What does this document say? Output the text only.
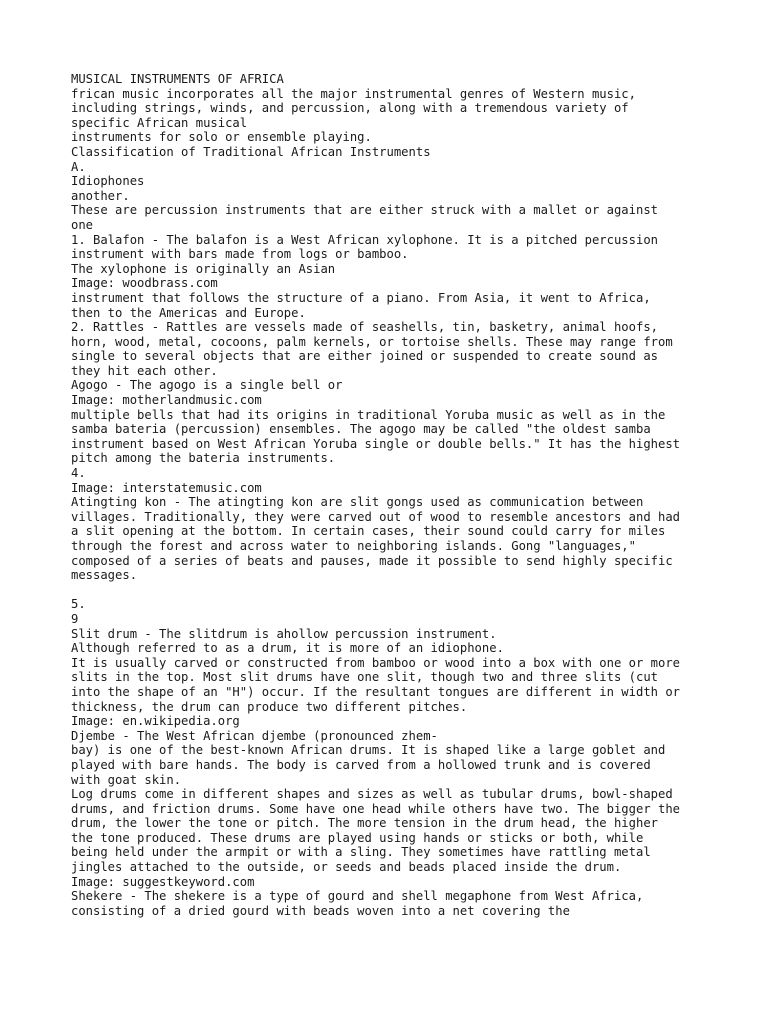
MUSICAL INSTRUMENTS OF AFRICA
frican music incorporates all the major instrumental genres of Western music,
including strings, winds, and percussion, along with a tremendous variety of
specific African musical
instruments for solo or ensemble playing.
Classification of Traditional African Instruments
A.
Idiophones
another.
These are percussion instruments that are either struck with a mallet or against
one
1. Balafon - The balafon is a West African xylophone. It is a pitched percussion
instrument with bars made from logs or bamboo.
The xylophone is originally an Asian
Image: woodbrass.com
instrument that follows the structure of a piano. From Asia, it went to Africa,
then to the Americas and Europe.
2. Rattles - Rattles are vessels made of seashells, tin, basketry, animal hoofs,
horn, wood, metal, cocoons, palm kernels, or tortoise shells. These may range from
single to several objects that are either joined or suspended to create sound as
they hit each other.
Agogo - The agogo is a single bell or
Image: motherlandmusic.com
multiple bells that had its origins in traditional Yoruba music as well as in the
samba bateria (percussion) ensembles. The agogo may be called "the oldest samba
instrument based on West African Yoruba single or double bells." It has the highest
pitch among the bateria instruments.
4.
Image: interstatemusic.com
Atingting kon - The atingting kon are slit gongs used as communication between
villages. Traditionally, they were carved out of wood to resemble ancestors and had
a slit opening at the bottom. In certain cases, their sound could carry for miles
through the forest and across water to neighboring islands. Gong "languages,"
composed of a series of beats and pauses, made it possible to send highly specific
messages.
5.
9
Slit drum - The slitdrum is ahollow percussion instrument.
Although referred to as a drum, it is more of an idiophone.
It is usually carved or constructed from bamboo or wood into a box with one or more
slits in the top. Most slit drums have one slit, though two and three slits (cut
into the shape of an "H") occur. If the resultant tongues are different in width or
thickness, the drum can produce two different pitches.
Image: en.wikipedia.org
Djembe - The West African djembe (pronounced zhem-
bay) is one of the best-known African drums. It is shaped like a large goblet and
played with bare hands. The body is carved from a hollowed trunk and is covered
with goat skin.
Log drums come in different shapes and sizes as well as tubular drums, bowl-shaped
drums, and friction drums. Some have one head while others have two. The bigger the
drum, the lower the tone or pitch. The more tension in the drum head, the higher
the tone produced. These drums are played using hands or sticks or both, while
being held under the armpit or with a sling. They sometimes have rattling metal
jingles attached to the outside, or seeds and beads placed inside the drum.
Image: suggestkeyword.com
Shekere - The shekere is a type of gourd and shell megaphone from West Africa,
consisting of a dried gourd with beads woven into a net covering the
